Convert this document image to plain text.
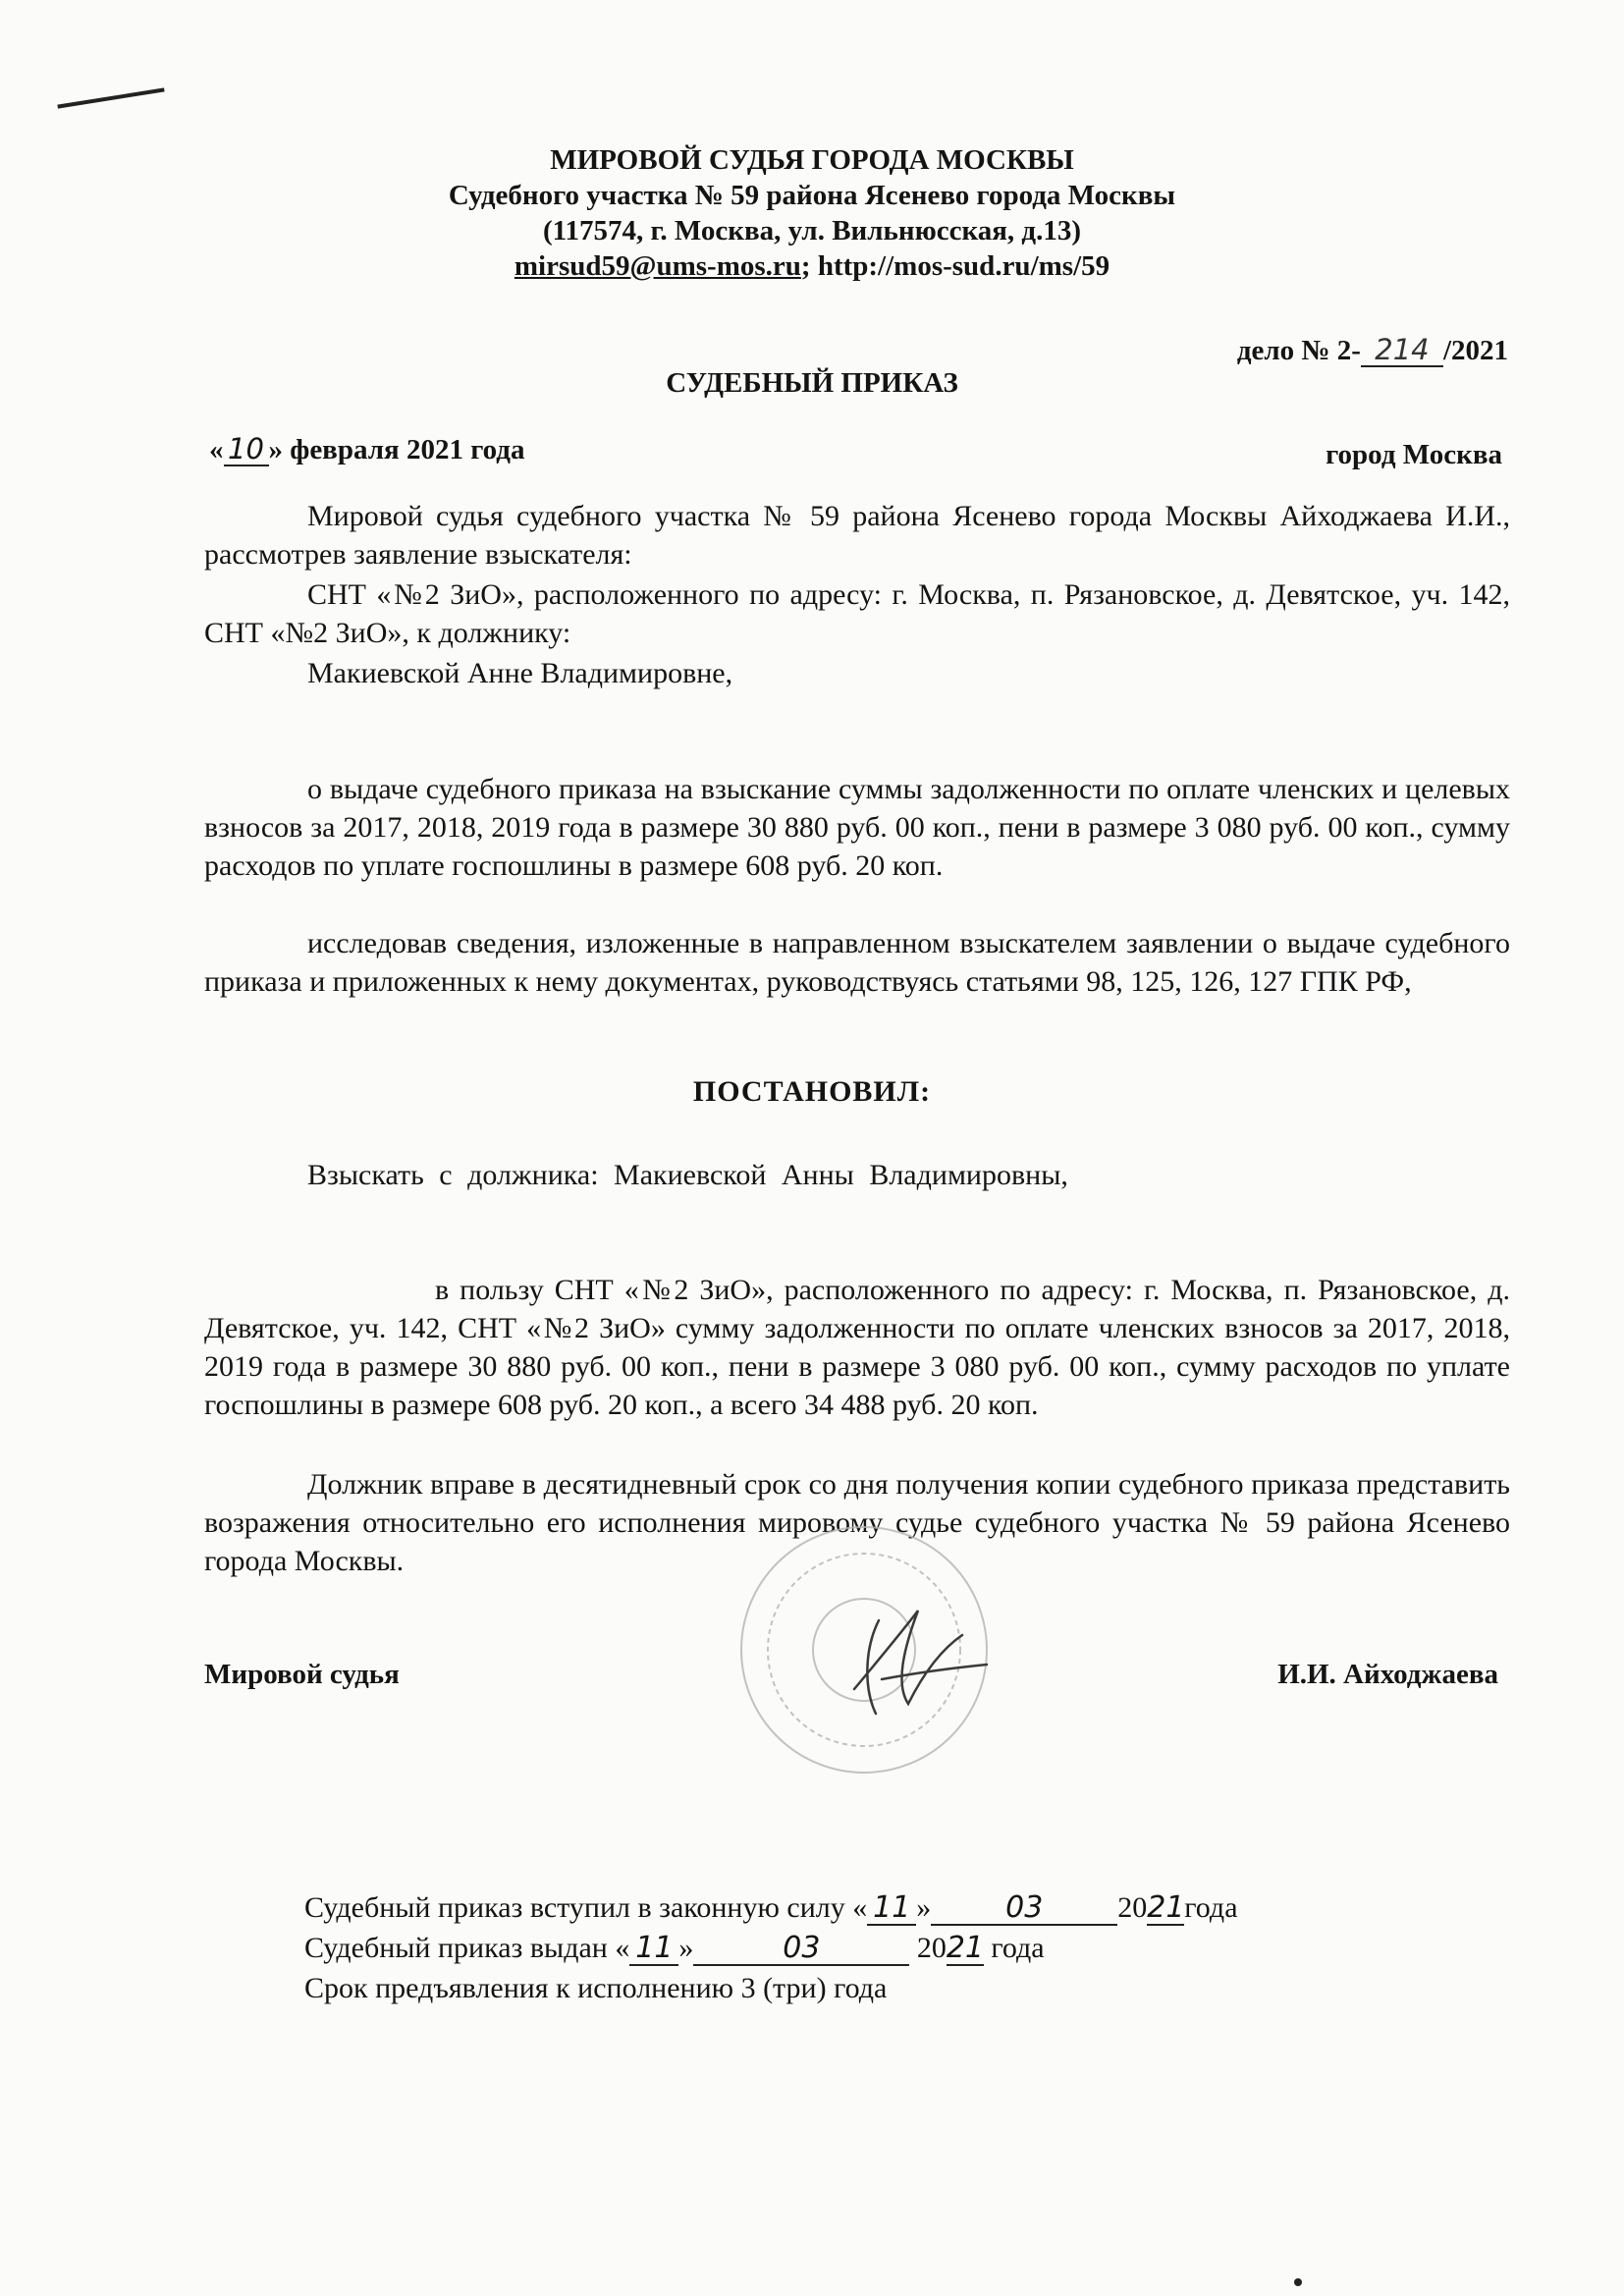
МИРОВОЙ СУДЬЯ ГОРОДА МОСКВЫ
Судебного участка № 59 района Ясенево города Москвы
(117574, г. Москва, ул. Вильнюсская, д.13)
mirsud59@ums-mos.ru; http://mos-sud.ru/ms/59
дело № 2- 214 /2021
СУДЕБНЫЙ ПРИКАЗ
« 10 » февраля 2021 года	город Москва
Мировой судья судебного участка № 59 района Ясенево города Москвы Айходжаева И.И., рассмотрев заявление взыскателя:
СНТ «№2 ЗиО», расположенного по адресу: г. Москва, п. Рязановское, д. Девятское, уч. 142, СНТ «№2 ЗиО», к должнику:
Макиевской Анне Владимировне,
о выдаче судебного приказа на взыскание суммы задолженности по оплате членских и целевых взносов за 2017, 2018, 2019 года в размере 30 880 руб. 00 коп., пени в размере 3 080 руб. 00 коп., сумму расходов по уплате госпошлины в размере 608 руб. 20 коп.
исследовав сведения, изложенные в направленном взыскателем заявлении о выдаче судебного приказа и приложенных к нему документах, руководствуясь статьями 98, 125, 126, 127 ГПК РФ,
ПОСТАНОВИЛ:
Взыскать с должника: Макиевской Анны Владимировны,
в пользу СНТ «№2 ЗиО», расположенного по адресу: г. Москва, п. Рязановское, д. Девятское, уч. 142, СНТ «№2 ЗиО» сумму задолженности по оплате членских взносов за 2017, 2018, 2019 года в размере 30 880 руб. 00 коп., пени в размере 3 080 руб. 00 коп., сумму расходов по уплате госпошлины в размере 608 руб. 20 коп., а всего 34 488 руб. 20 коп.
Должник вправе в десятидневный срок со дня получения копии судебного приказа представить возражения относительно его исполнения мировому судье судебного участка № 59 района Ясенево города Москвы.
Мировой судья	И.И. Айходжаева
Судебный приказ вступил в законную силу « 11 »	03	2021года
Судебный приказ выдан « 11 »	03	2021 года
Срок предъявления к исполнению 3 (три) года
